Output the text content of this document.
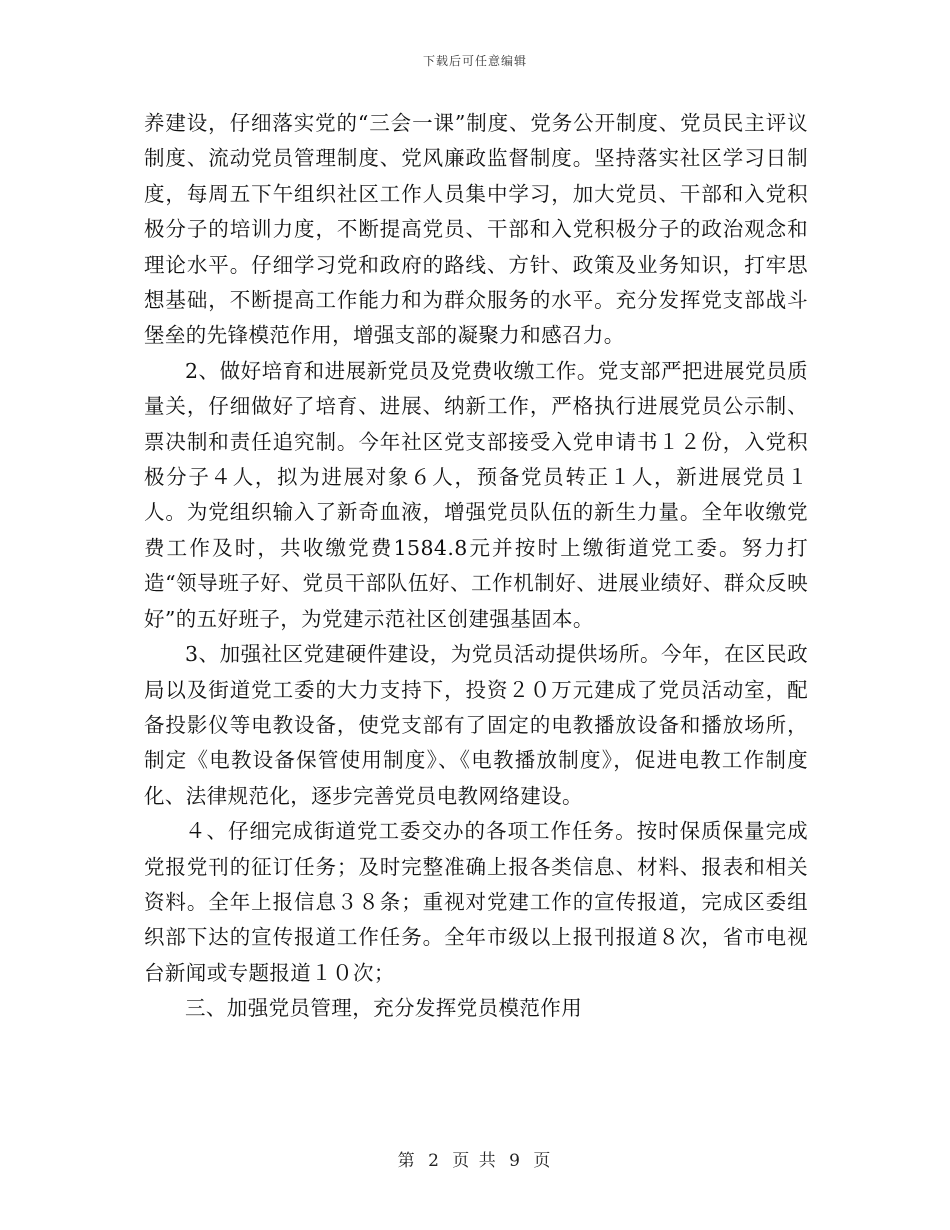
下载后可任意编辑

养建设，仔细落实党的“三会一课”制度、党务公开制度、党员民主评议制度、流动党员管理制度、党风廉政监督制度。坚持落实社区学习日制度，每周五下午组织社区工作人员集中学习，加大党员、干部和入党积极分子的培训力度，不断提高党员、干部和入党积极分子的政治观念和理论水平。仔细学习党和政府的路线、方针、政策及业务知识，打牢思想基础，不断提高工作能力和为群众服务的水平。充分发挥党支部战斗堡垒的先锋模范作用，增强支部的凝聚力和感召力。

2、做好培育和进展新党员及党费收缴工作。党支部严把进展党员质量关，仔细做好了培育、进展、纳新工作，严格执行进展党员公示制、票决制和责任追究制。今年社区党支部接受入党申请书１２份，入党积极分子４人，拟为进展对象６人，预备党员转正１人，新进展党员１人。为党组织输入了新奇血液，增强党员队伍的新生力量。全年收缴党费工作及时，共收缴党费1584.8元并按时上缴街道党工委。努力打造“领导班子好、党员干部队伍好、工作机制好、进展业绩好、群众反映好”的五好班子，为党建示范社区创建强基固本。

3、加强社区党建硬件建设，为党员活动提供场所。今年，在区民政局以及街道党工委的大力支持下，投资２０万元建成了党员活动室，配备投影仪等电教设备，使党支部有了固定的电教播放设备和播放场所，制定《电教设备保管使用制度》、《电教播放制度》，促进电教工作制度化、法律规范化，逐步完善党员电教网络建设。

４、仔细完成街道党工委交办的各项工作任务。按时保质保量完成党报党刊的征订任务；及时完整准确上报各类信息、材料、报表和相关资料。全年上报信息３８条；重视对党建工作的宣传报道，完成区委组织部下达的宣传报道工作任务。全年市级以上报刊报道８次，省市电视台新闻或专题报道１０次；

三、加强党员管理，充分发挥党员模范作用

第 2 页 共 9 页
